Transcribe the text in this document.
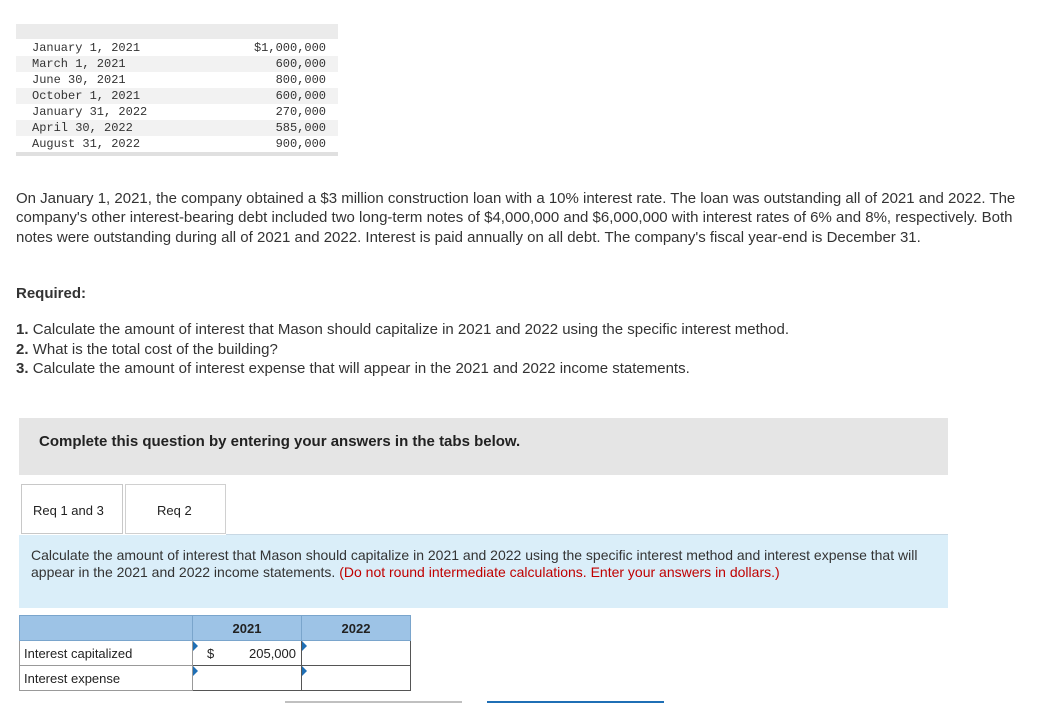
January 1, 2021	$1,000,000
March 1, 2021	600,000
June 30, 2021	800,000
October 1, 2021	600,000
January 31, 2022	270,000
April 30, 2022	585,000
August 31, 2022	900,000

On January 1, 2021, the company obtained a $3 million construction loan with a 10% interest rate. The loan was outstanding all of 2021 and 2022. The company's other interest-bearing debt included two long-term notes of $4,000,000 and $6,000,000 with interest rates of 6% and 8%, respectively. Both notes were outstanding during all of 2021 and 2022. Interest is paid annually on all debt. The company's fiscal year-end is December 31.

Required:

1. Calculate the amount of interest that Mason should capitalize in 2021 and 2022 using the specific interest method.
2. What is the total cost of the building?
3. Calculate the amount of interest expense that will appear in the 2021 and 2022 income statements.
Complete this question by entering your answers in the tabs below.
Req 1 and 3	Req 2
Calculate the amount of interest that Mason should capitalize in 2021 and 2022 using the specific interest method and interest expense that will appear in the 2021 and 2022 income statements. (Do not round intermediate calculations. Enter your answers in dollars.)
	2021	2022
Interest capitalized	$ 205,000

Interest expense	
